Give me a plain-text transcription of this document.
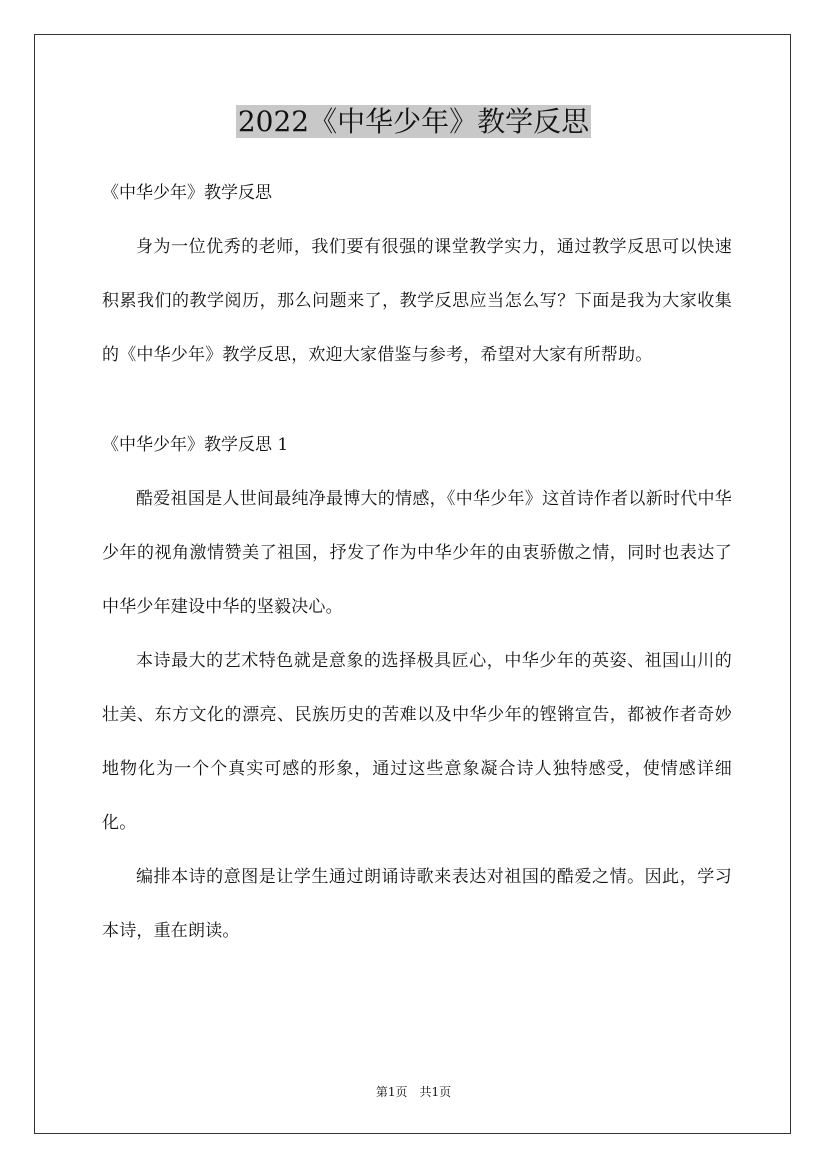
2022《中华少年》教学反思

《中华少年》教学反思

身为一位优秀的老师，我们要有很强的课堂教学实力，通过教学反思可以快速积累我们的教学阅历，那么问题来了，教学反思应当怎么写？下面是我为大家收集的《中华少年》教学反思，欢迎大家借鉴与参考，希望对大家有所帮助。

《中华少年》教学反思 1

酷爱祖国是人世间最纯净最博大的情感，《中华少年》这首诗作者以新时代中华少年的视角激情赞美了祖国，抒发了作为中华少年的由衷骄傲之情，同时也表达了中华少年建设中华的坚毅决心。

本诗最大的艺术特色就是意象的选择极具匠心，中华少年的英姿、祖国山川的壮美、东方文化的漂亮、民族历史的苦难以及中华少年的铿锵宣告，都被作者奇妙地物化为一个个真实可感的形象，通过这些意象凝合诗人独特感受，使情感详细化。

编排本诗的意图是让学生通过朗诵诗歌来表达对祖国的酷爱之情。因此，学习本诗，重在朗读。

第1页　共1页
